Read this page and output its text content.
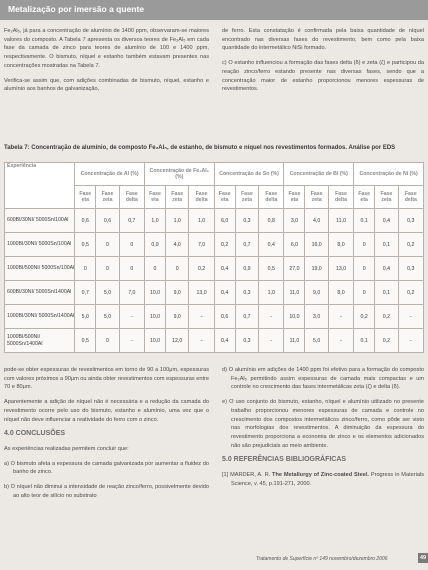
Metalização por imersão a quente

Fe₂Al₅, já para a concentração de alumínio de 1400 ppm, observaram-se maiores valores do composto. A Tabela 7 apresenta os diversos teores de Fe₂Al₅ em cada fase da camada de zinco para teores de alumínio de 100 e 1400 ppm, respectivamente. O bismuto, níquel e estanho também estavam presentes nas concentrações mostradas na Tabela 7.

Verifica-se assim que, com adições combinadas de bismuto, níquel, estanho e alumínio aos banhos de galvanização,

de ferro. Esta constatação é confirmada pela baixa quantidade de níquel encontrado nas diversas fases do revestimento, bem como pela baixa quantidade do intermetálico NiSi formado.

c) O estanho influenciou a formação das fases delta (δ) e zeta (ζ) e participou da reação zinco/ferro estando presente nas diversas fases, sendo que a concentração maior de estanho proporcionou menores espessuras de revestimentos.

Tabela 7: Concentração de alumínio, de composto Fe₂Al₅, de estanho, de bismuto e níquel nos revestimentos formados. Análise por EDS
Experiência	Concentração de Al (%)			Concentração de Fe₂Al₅ (%)			Concentração de Sn (%)			Concentração de Bi (%)			Concentração de Ni (%)		
	Fase eta	Fase zeta	Fase delta	Fase eta	Fase zeta	Fase delta	Fase eta	Fase zeta	Fase delta	Fase eta	Fase zeta	Fase delta	Fase eta	Fase zeta	Fase delta
600BI/30NI/ 5000Sn/100Al	0,6	0,6	0,7	1,0	1,0	1,0	6,0	0,3	0,8	3,0	4,0	11,0	0,1	0,4	0,3
1000BI/30NI/ 5000Sn/100Al	0,5	0	0	0,9	4,0	7,0	0,2	0,7	0,4	6,0	16,0	8,0	0	0,1	0,2
1000BI/500NI/ 5000Sn/100Al	0	0	0	0	0	0,2	0,4	0,9	0,5	27,0	19,0	13,0	0	0,4	0,3
600BI/30NI/ 5000Sn/1400Al	0,7	5,0	7,0	10,0	9,0	13,0	0,4	0,3	1,0	11,0	9,0	8,0	0	0,1	0,2
1000BI/30NI/ 5000Sn/1400Al	5,0	5,0	-	10,0	9,0	-	0,6	0,7	-	10,0	3,0	-	0,2	0,2	-
1000BI/500NI/ 5000Sn/1400Al	0,5	0	-	10,0	12,0	-	0,4	0,3	-	11,0	5,0	-	0,1	0,2	-

pode-se obter espessuras de revestimentos em torno de 90 a 100μm, espessuras com valores próximos a 90μm ou ainda obter revestimentos com espessuras entre 70 e 80μm.

Aparentemente a adição de níquel não é necessária e a redução da camada do revestimento ocorre pelo uso do bismuto, estanho e alumínio, uma vez que o níquel não deve influenciar a reatividade do ferro com o zinco.

4.0 CONCLUSÕES

As experiências realizadas permitem concluir que:

a) O bismuto afeta a espessura de camada galvanizada por aumentar a fluidez do banho de zinco.

b) O níquel não diminui a intensidade de reação zinco/ferro, possivelmente devido ao alto teor de silício no substrato

d) O alumínio em adições de 1400 ppm foi efetivo para a formação do composto Fe₂Al₅ permitindo assim espessuras de camada mais compactas e um controle no crescimento das fases intermetálicas zeta (ζ) e delta (δ).

e) O uso conjunto do bismuto, estanho, níquel e alumínio utilizado no presente trabalho proporcionou menores espessuras de camada e controle no crescimento dos compostos intermetálicos zinco/ferro, como pôde ser visto nas morfologias dos revestimentos. A diminuição da espessura do revestimento proporciona a economia de zinco e os elementos adicionados não são prejudiciais ao meio ambiente.

5.0 REFERÊNCIAS BIBLIOGRÁFICAS

[1] MARDER, A. R. The Metallurgy of Zinc-coated Steel. Progress in Materials Science, v. 45, p.191-271, 2000.

Tratamento de Superfície nº 149 novembro/dezembro 2006	49
